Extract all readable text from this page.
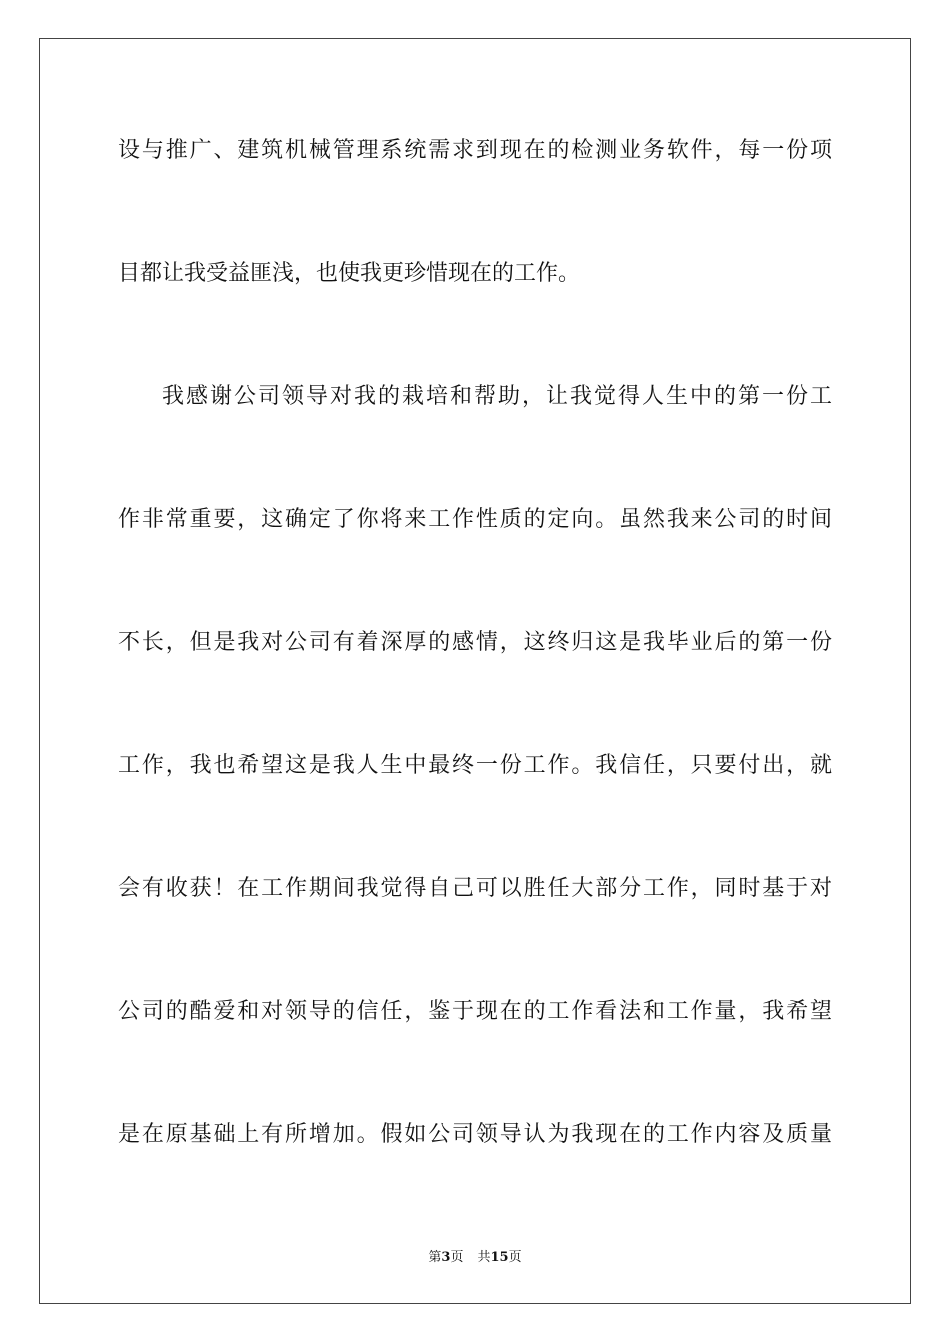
设与推广、建筑机械管理系统需求到现在的检测业务软件，每一份项
目都让我受益匪浅，也使我更珍惜现在的工作。
我感谢公司领导对我的栽培和帮助，让我觉得人生中的第一份工
作非常重要，这确定了你将来工作性质的定向。虽然我来公司的时间
不长，但是我对公司有着深厚的感情，这终归这是我毕业后的第一份
工作，我也希望这是我人生中最终一份工作。我信任，只要付出，就
会有收获！在工作期间我觉得自己可以胜任大部分工作，同时基于对
公司的酷爱和对领导的信任，鉴于现在的工作看法和工作量，我希望
是在原基础上有所增加。假如公司领导认为我现在的工作内容及质量
第3页 共15页
